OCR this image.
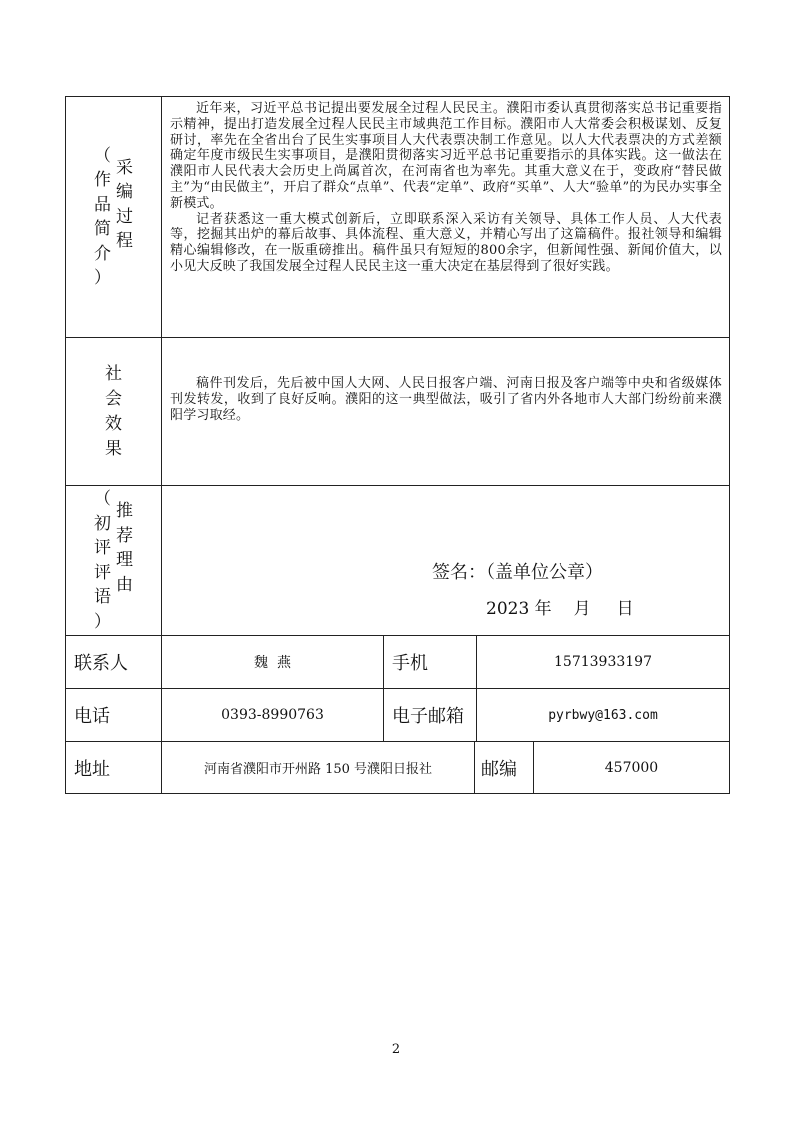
（
作
品
简
介
）
采
编
过
程

近年来，习近平总书记提出要发展全过程人民民主。濮阳市委认真贯彻落实总书记重要指示精神，提出打造发展全过程人民民主市域典范工作目标。濮阳市人大常委会积极谋划、反复研讨，率先在全省出台了民生实事项目人大代表票决制工作意见。以人大代表票决的方式差额确定年度市级民生实事项目，是濮阳贯彻落实习近平总书记重要指示的具体实践。这一做法在濮阳市人民代表大会历史上尚属首次，在河南省也为率先。其重大意义在于，变政府“替民做主”为“由民做主”，开启了群众“点单”、代表“定单”、政府“买单”、人大“验单”的为民办实事全新模式。

记者获悉这一重大模式创新后，立即联系深入采访有关领导、具体工作人员、人大代表等，挖掘其出炉的幕后故事、具体流程、重大意义，并精心写出了这篇稿件。报社领导和编辑精心编辑修改，在一版重磅推出。稿件虽只有短短的800余字，但新闻性强、新闻价值大，以小见大反映了我国发展全过程人民民主这一重大决定在基层得到了很好实践。

社
会
效
果

稿件刊发后，先后被中国人大网、人民日报客户端、河南日报及客户端等中央和省级媒体刊发转发，收到了良好反响。濮阳的这一典型做法，吸引了省内外各地市人大部门纷纷前来濮阳学习取经。

（
初
评
评
语
）
推
荐
理
由
签名：（盖单位公章）
2023 年 月 日
联系人	魏  燕	手机	15713933197
电话	0393-8990763	电子邮箱	pyrbwy@163.com
地址	河南省濮阳市开州路 150 号濮阳日报社	邮编	457000
2
